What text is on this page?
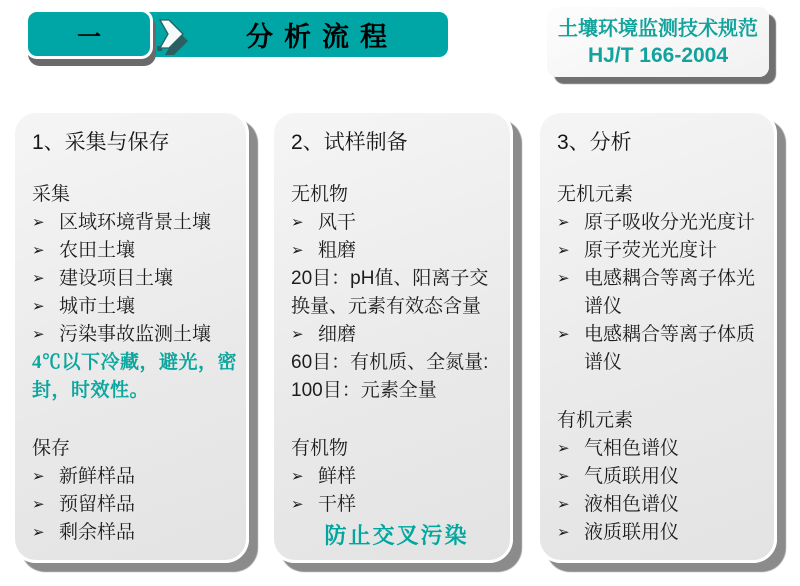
分析流程
一	土壤环境监测技术规范
HJ/T 166-2004
1、采集与保存
采集
➢ 区域环境背景土壤
➢ 农田土壤
➢ 建设项目土壤
➢ 城市土壤
➢ 污染事故监测土壤
4℃以下冷藏，避光，密封，时效性。
保存
➢ 新鲜样品
➢ 预留样品
➢ 剩余样品
2、试样制备
无机物
➢ 风干
➢ 粗磨
20目：pH值、阳离子交换量、元素有效态含量
➢ 细磨
60目：有机质、全氮量:
100目：元素全量
有机物
➢ 鲜样
➢ 干样
防止交叉污染
3、分析
无机元素
➢ 原子吸收分光光度计
➢ 原子荧光光度计
➢ 电感耦合等离子体光谱仪
➢ 电感耦合等离子体质谱仪
有机元素
➢ 气相色谱仪
➢ 气质联用仪
➢ 液相色谱仪
➢ 液质联用仪
